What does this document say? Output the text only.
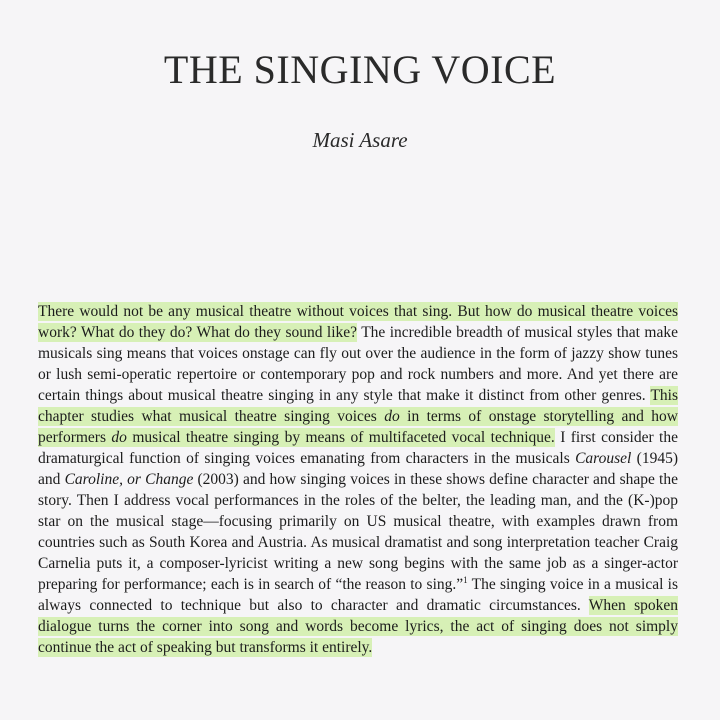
THE SINGING VOICE

Masi Asare

There would not be any musical theatre without voices that sing. But how do musical theatre voices work? What do they do? What do they sound like? The incredible breadth of musical styles that make musicals sing means that voices onstage can fly out over the audience in the form of jazzy show tunes or lush semi-operatic repertoire or contemporary pop and rock numbers and more. And yet there are certain things about musical theatre singing in any style that make it distinct from other genres. This chapter studies what musical theatre singing voices do in terms of onstage storytelling and how performers do musical theatre singing by means of multifaceted vocal technique. I first consider the dramaturgical function of singing voices emanating from characters in the musicals Carousel (1945) and Caroline, or Change (2003) and how singing voices in these shows define character and shape the story. Then I address vocal performances in the roles of the belter, the leading man, and the (K-)pop star on the musical stage—focusing primarily on US musical theatre, with examples drawn from countries such as South Korea and Austria. As musical dramatist and song interpretation teacher Craig Carnelia puts it, a composer-lyricist writing a new song begins with the same job as a singer-actor preparing for performance; each is in search of “the reason to sing.”$^1$ The singing voice in a musical is always connected to technique but also to character and dramatic circumstances. When spoken dialogue turns the corner into song and words become lyrics, the act of singing does not simply continue the act of speaking but transforms it entirely.
